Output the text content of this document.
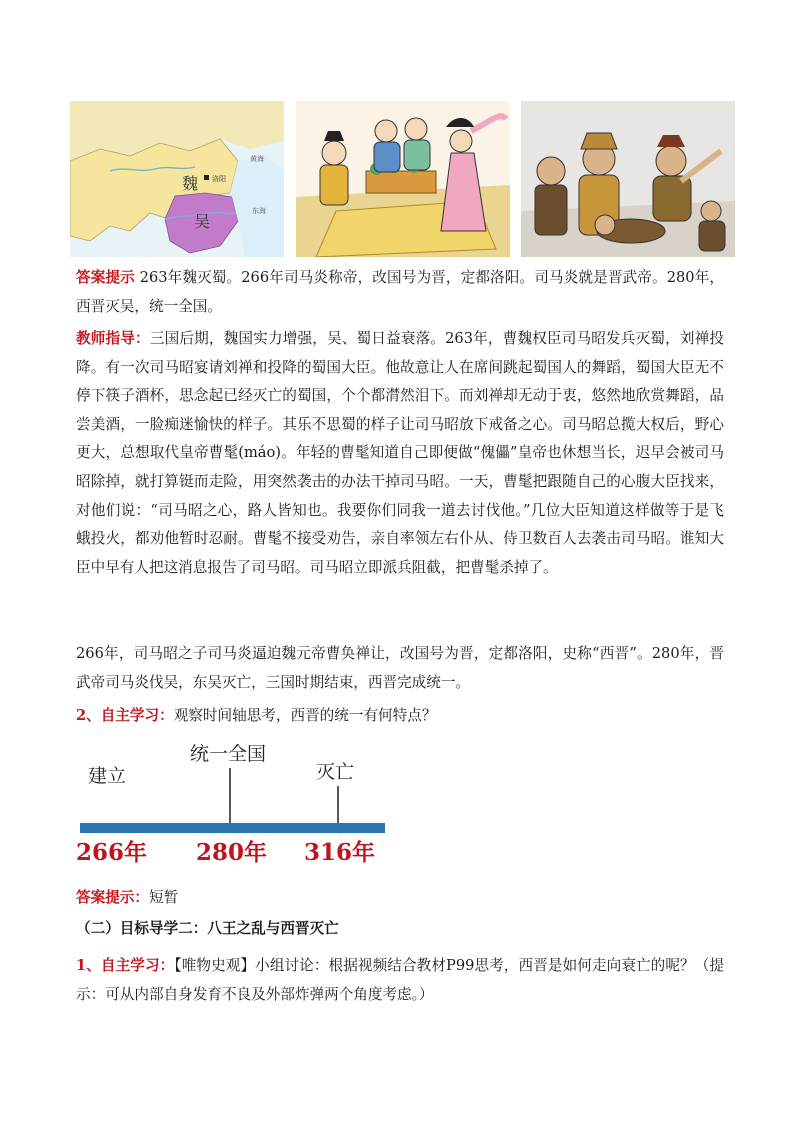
洛阳
魏
吴
黄海
东海

答案提示 263年魏灭蜀。266年司马炎称帝，改国号为晋，定都洛阳。司马炎就是晋武帝。280年，西晋灭吴，统一全国。

教师指导：三国后期，魏国实力增强，吴、蜀日益衰落。263年，曹魏权臣司马昭发兵灭蜀，刘禅投降。有一次司马昭宴请刘禅和投降的蜀国大臣。他故意让人在席间跳起蜀国人的舞蹈，蜀国大臣无不停下筷子酒杯，思念起已经灭亡的蜀国，个个都潸然泪下。而刘禅却无动于衷，悠然地欣赏舞蹈，品尝美酒，一脸痴迷愉快的样子。其乐不思蜀的样子让司马昭放下戒备之心。司马昭总揽大权后，野心更大，总想取代皇帝曹髦(máo)。年轻的曹髦知道自己即便做“傀儡”皇帝也休想当长，迟早会被司马昭除掉，就打算铤而走险，用突然袭击的办法干掉司马昭。一天，曹髦把跟随自己的心腹大臣找来，对他们说：“司马昭之心，路人皆知也。我要你们同我一道去讨伐他。”几位大臣知道这样做等于是飞蛾投火，都劝他暂时忍耐。曹髦不接受劝告，亲自率领左右仆从、侍卫数百人去袭击司马昭。谁知大臣中早有人把这消息报告了司马昭。司马昭立即派兵阻截，把曹髦杀掉了。

266年，司马昭之子司马炎逼迫魏元帝曹奂禅让，改国号为晋，定都洛阳，史称“西晋”。280年，晋武帝司马炎伐吴，东吴灭亡，三国时期结束，西晋完成统一。

2、自主学习：观察时间轴思考，西晋的统一有何特点？

建立
统一全国
灭亡
266年 280年 316年

答案提示：短暂

（二）目标导学二：八王之乱与西晋灭亡

1、自主学习：【唯物史观】小组讨论：根据视频结合教材P99思考，西晋是如何走向衰亡的呢？（提示：可从内部自身发育不良及外部炸弹两个角度考虑。）
